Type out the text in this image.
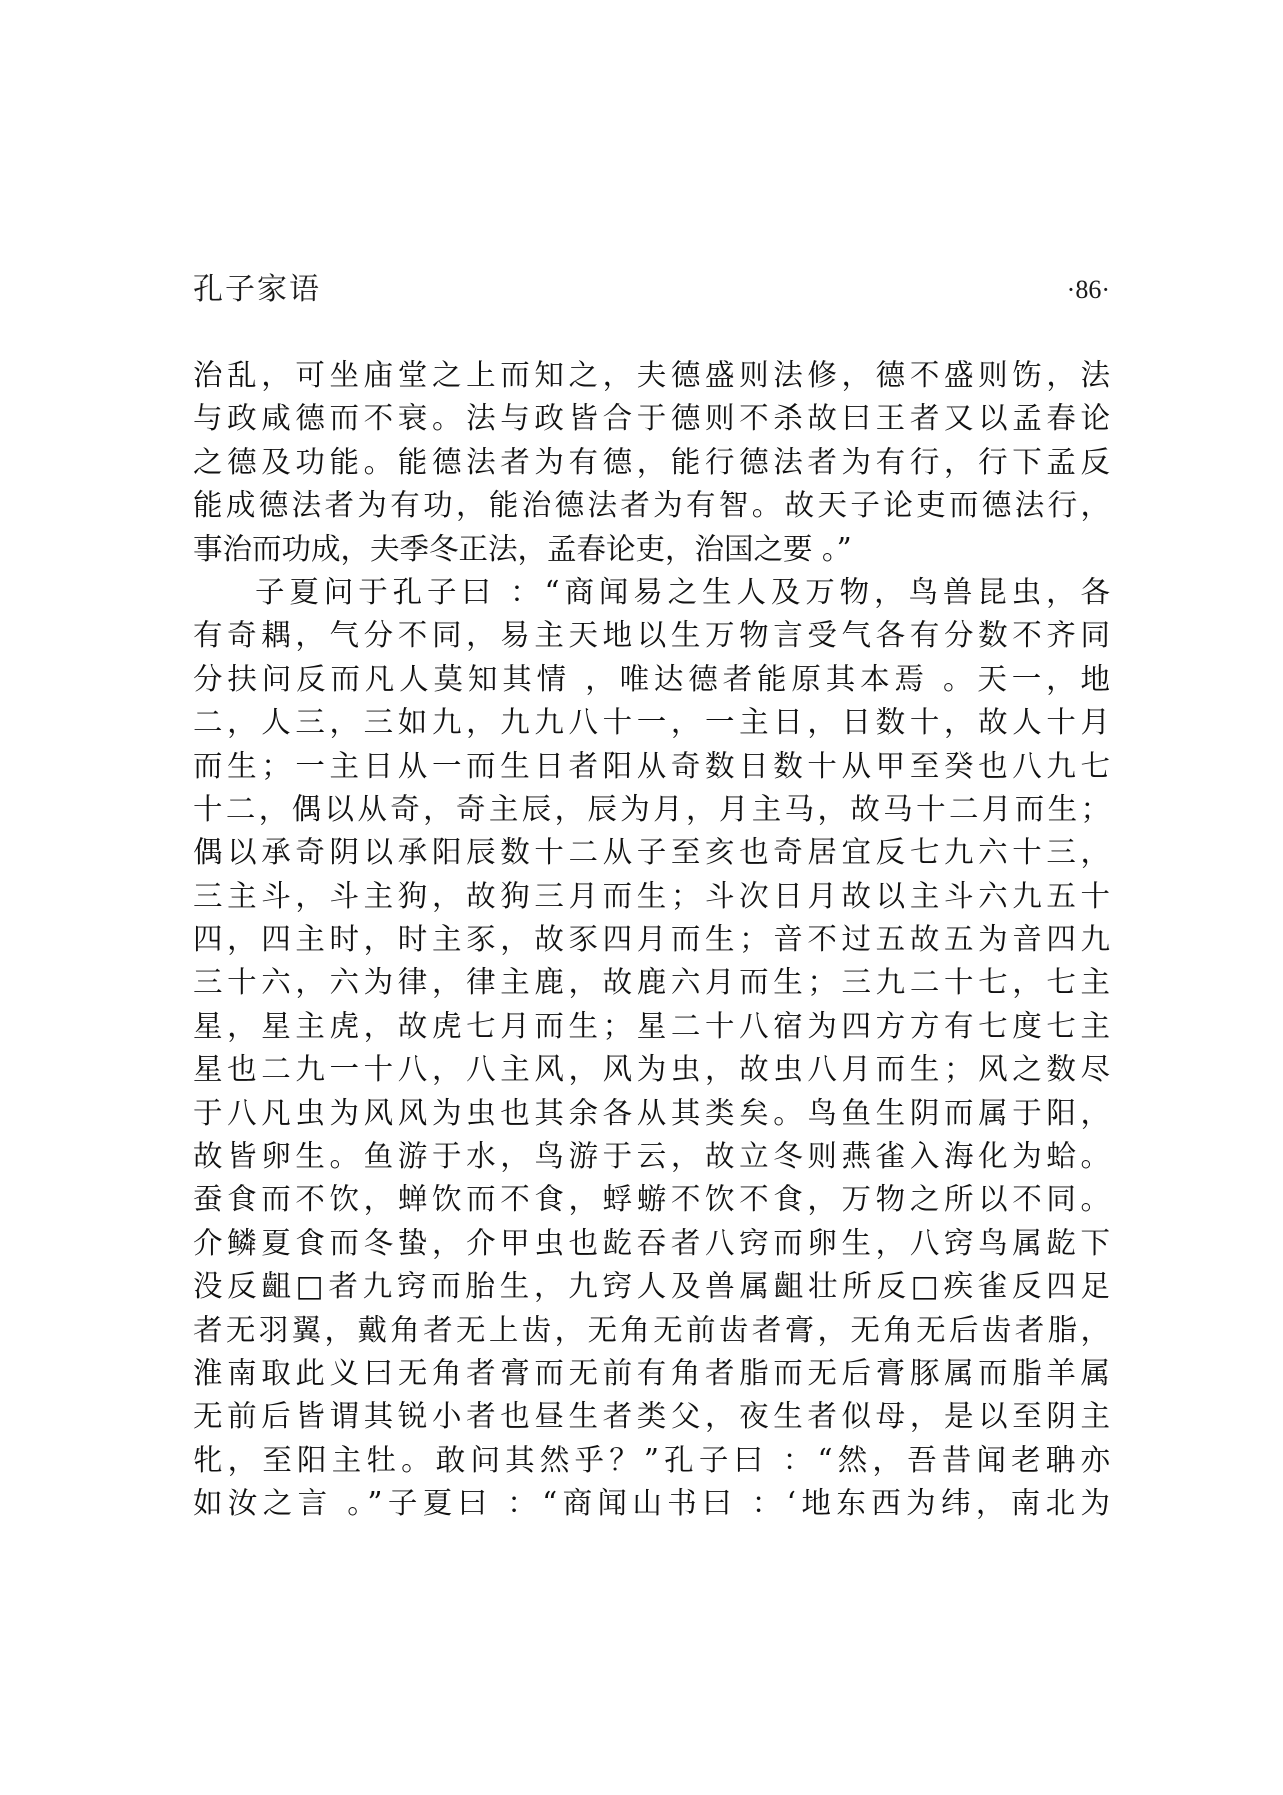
孔子家语	·86·
治乱，可坐庙堂之上而知之，夫德盛则法修，德不盛则饬，法
与政咸德而不衰。法与政皆合于德则不杀故曰王者又以孟春论
之德及功能。能德法者为有德，能行德法者为有行，行下孟反
能成德法者为有功，能治德法者为有智。故天子论吏而德法行，
事治而功成，夫季冬正法，孟春论吏，治国之要 。”
子夏问于孔子曰 ：“商闻易之生人及万物，鸟兽昆虫，各
有奇耦，气分不同，易主天地以生万物言受气各有分数不齐同
分扶问反而凡人莫知其情 ，唯达德者能原其本焉 。天一，地
二，人三，三如九，九九八十一，一主日，日数十，故人十月
而生；一主日从一而生日者阳从奇数日数十从甲至癸也八九七
十二，偶以从奇，奇主辰，辰为月，月主马，故马十二月而生；
偶以承奇阴以承阳辰数十二从子至亥也奇居宜反七九六十三，
三主斗，斗主狗，故狗三月而生；斗次日月故以主斗六九五十
四，四主时，时主豕，故豕四月而生；音不过五故五为音四九
三十六，六为律，律主鹿，故鹿六月而生；三九二十七，七主
星，星主虎，故虎七月而生；星二十八宿为四方方有七度七主
星也二九一十八，八主风，风为虫，故虫八月而生；风之数尽
于八凡虫为风风为虫也其余各从其类矣。鸟鱼生阴而属于阳，
故皆卵生。鱼游于水，鸟游于云，故立冬则燕雀入海化为蛤。
蚕食而不饮，蝉饮而不食，蜉蝣不饮不食，万物之所以不同。
介鳞夏食而冬蛰，介甲虫也龁吞者八窍而卵生，八窍鸟属龁下
没反齟□者九窍而胎生，九窍人及兽属齟壮所反□疾雀反四足
者无羽翼，戴角者无上齿，无角无前齿者膏，无角无后齿者脂，
淮南取此义曰无角者膏而无前有角者脂而无后膏豚属而脂羊属
无前后皆谓其锐小者也昼生者类父，夜生者似母，是以至阴主
牝，至阳主牡。敢问其然乎？”孔子曰 ：“然，吾昔闻老聃亦
如汝之言 。”子夏曰 ：“商闻山书曰 ：‘地东西为纬，南北为
